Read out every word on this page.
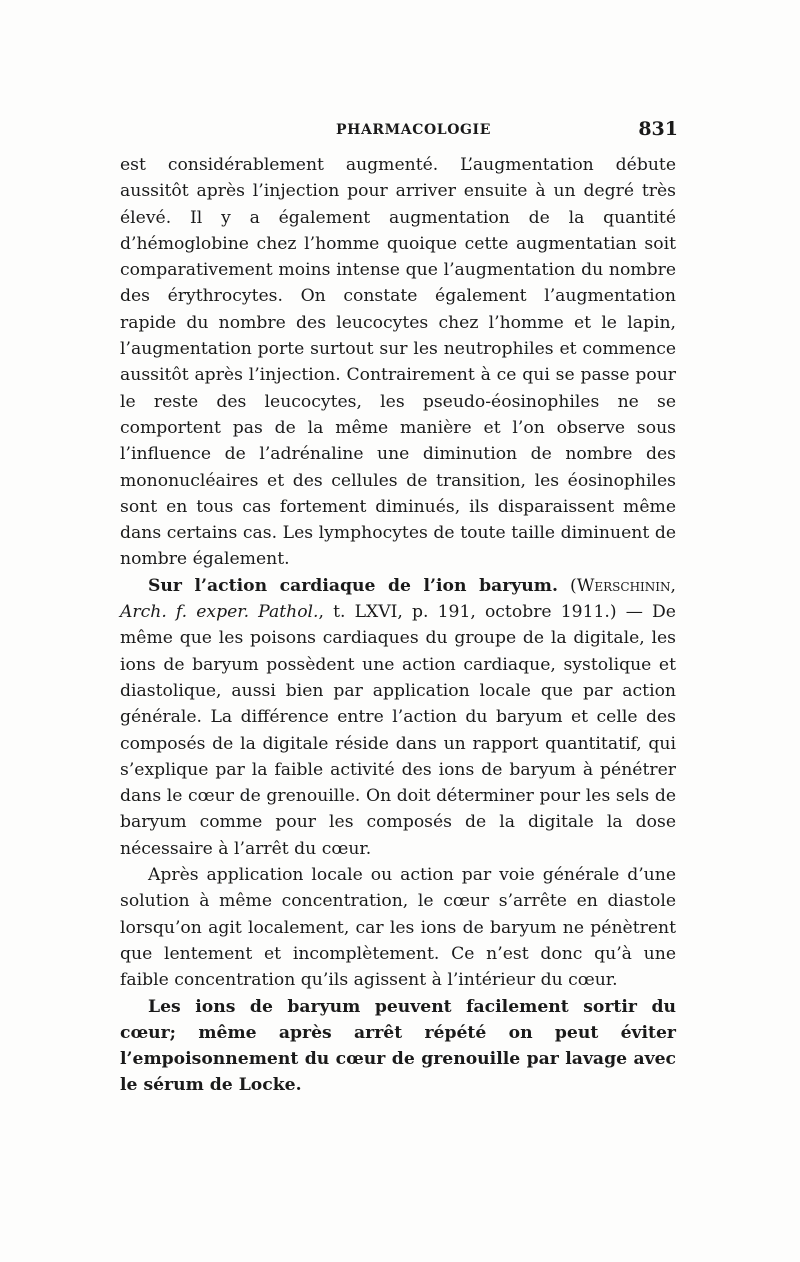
PHARMACOLOGIE	831

est considérablement augmenté. L’augmentation débute aussitôt après l’injection pour arriver ensuite à un degré très élevé. Il y a également augmentation de la quantité d’hémoglobine chez l’homme quoique cette augmentatian soit comparativement moins intense que l’augmentation du nombre des érythrocytes. On constate également l’augmentation rapide du nombre des leucocytes chez l’homme et le lapin, l’augmentation porte surtout sur les neutrophiles et commence aussitôt après l’injection. Contrairement à ce qui se passe pour le reste des leucocytes, les pseudo-éosinophiles ne se comportent pas de la même manière et l’on observe sous l’influence de l’adrénaline une diminution de nombre des mononucléaires et des cellules de transition, les éosinophiles sont en tous cas fortement diminués, ils disparaissent même dans certains cas. Les lymphocytes de toute taille diminuent de nombre également.

Sur l’action cardiaque de l’ion baryum. (Werschinin, Arch. f. exper. Pathol., t. LXVI, p. 191, octobre 1911.) — De même que les poisons cardiaques du groupe de la digitale, les ions de baryum possèdent une action cardiaque, systolique et diastolique, aussi bien par application locale que par action générale. La différence entre l’action du baryum et celle des composés de la digitale réside dans un rapport quantitatif, qui s’explique par la faible activité des ions de baryum à pénétrer dans le cœur de grenouille. On doit déterminer pour les sels de baryum comme pour les composés de la digitale la dose nécessaire à l’arrêt du cœur.

Après application locale ou action par voie générale d’une solution à même concentration, le cœur s’arrête en diastole lorsqu’on agit localement, car les ions de baryum ne pénètrent que lentement et incomplètement. Ce n’est donc qu’à une faible concentration qu’ils agissent à l’intérieur du cœur.

Les ions de baryum peuvent facilement sortir du cœur; même après arrêt répété on peut éviter l’empoisonnement du cœur de grenouille par lavage avec le sérum de Locke.
